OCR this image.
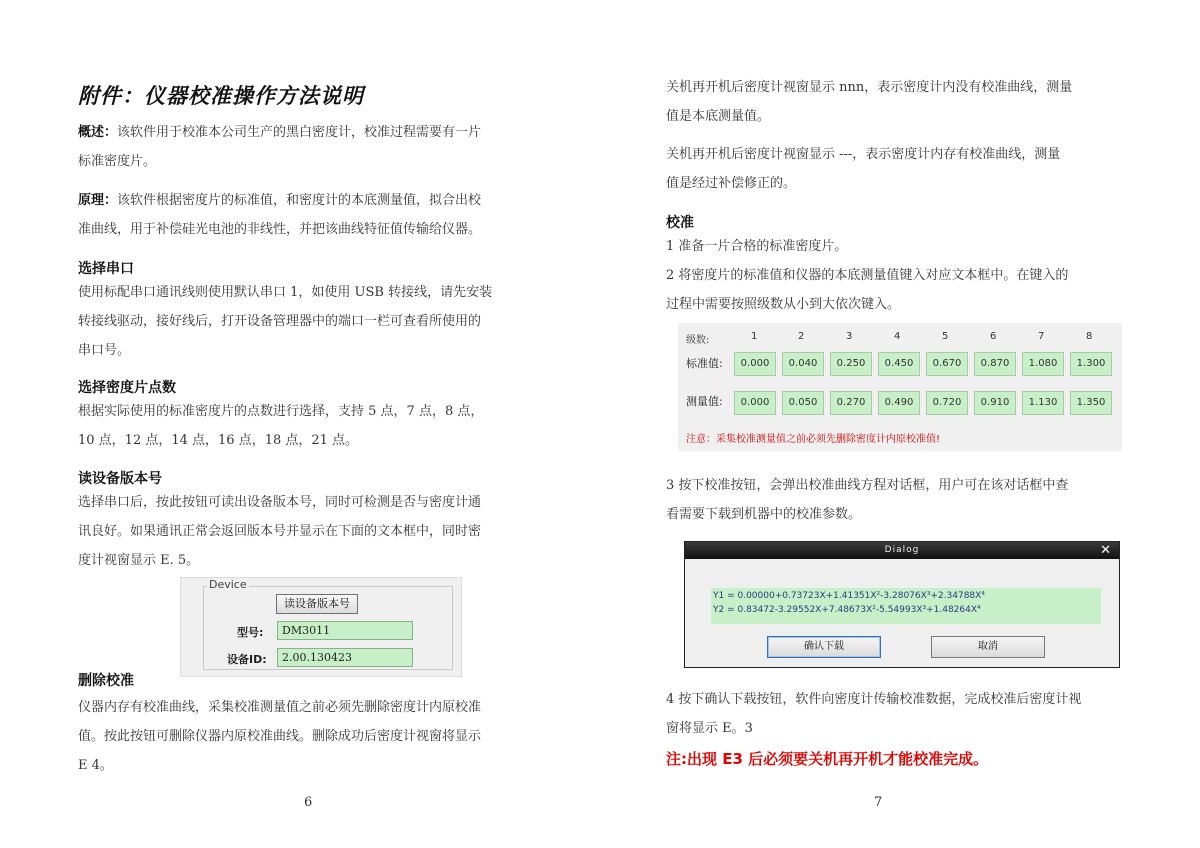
附件：仪器校准操作方法说明
概述：该软件用于校准本公司生产的黑白密度计，校准过程需要有一片
标准密度片。
原理：该软件根据密度片的标准值，和密度计的本底测量值，拟合出校
准曲线，用于补偿硅光电池的非线性，并把该曲线特征值传输给仪器。
选择串口
使用标配串口通讯线则使用默认串口 1，如使用 USB 转接线，请先安装
转接线驱动，接好线后，打开设备管理器中的端口一栏可查看所使用的
串口号。
选择密度片点数
根据实际使用的标准密度片的点数进行选择，支持 5 点，7 点，8 点，
10 点，12 点，14 点，16 点，18 点，21 点。
读设备版本号
选择串口后，按此按钮可读出设备版本号，同时可检测是否与密度计通
讯良好。如果通讯正常会返回版本号并显示在下面的文本框中，同时密
度计视窗显示 E. 5。
Device
读设备版本号
型号:	DM3011
设备ID:	2.00.130423
删除校准
仪器内存有校准曲线，采集校准测量值之前必须先删除密度计内原校准
值。按此按钮可删除仪器内原校准曲线。删除成功后密度计视窗将显示
E 4。
6
关机再开机后密度计视窗显示 nnn，表示密度计内没有校准曲线，测量
值是本底测量值。
关机再开机后密度计视窗显示 ---，表示密度计内存有校准曲线，测量
值是经过补偿修正的。
校准
1 准备一片合格的标准密度片。
2 将密度片的标准值和仪器的本底测量值键入对应文本框中。在键入的
过程中需要按照级数从小到大依次键入。
级数:	1	2	3	4	5	6	7	8
标准值:	0.000	0.040	0.250	0.450	0.670	0.870	1.080	1.300
测量值:	0.000	0.050	0.270	0.490	0.720	0.910	1.130	1.350
注意：采集校准测量值之前必须先删除密度计内原校准值!
3 按下校准按钮，会弹出校准曲线方程对话框，用户可在该对话框中查
看需要下载到机器中的校准参数。
Dialog	✕
Y1 = 0.00000+0.73723X+1.41351X²-3.28076X³+2.34788X⁴
Y2 = 0.83472-3.29552X+7.48673X²-5.54993X³+1.48264X⁴
确认下载	取消
4 按下确认下载按钮，软件向密度计传输校准数据，完成校准后密度计视
窗将显示 E。3
注:出现 E3 后必须要关机再开机才能校准完成。
7
